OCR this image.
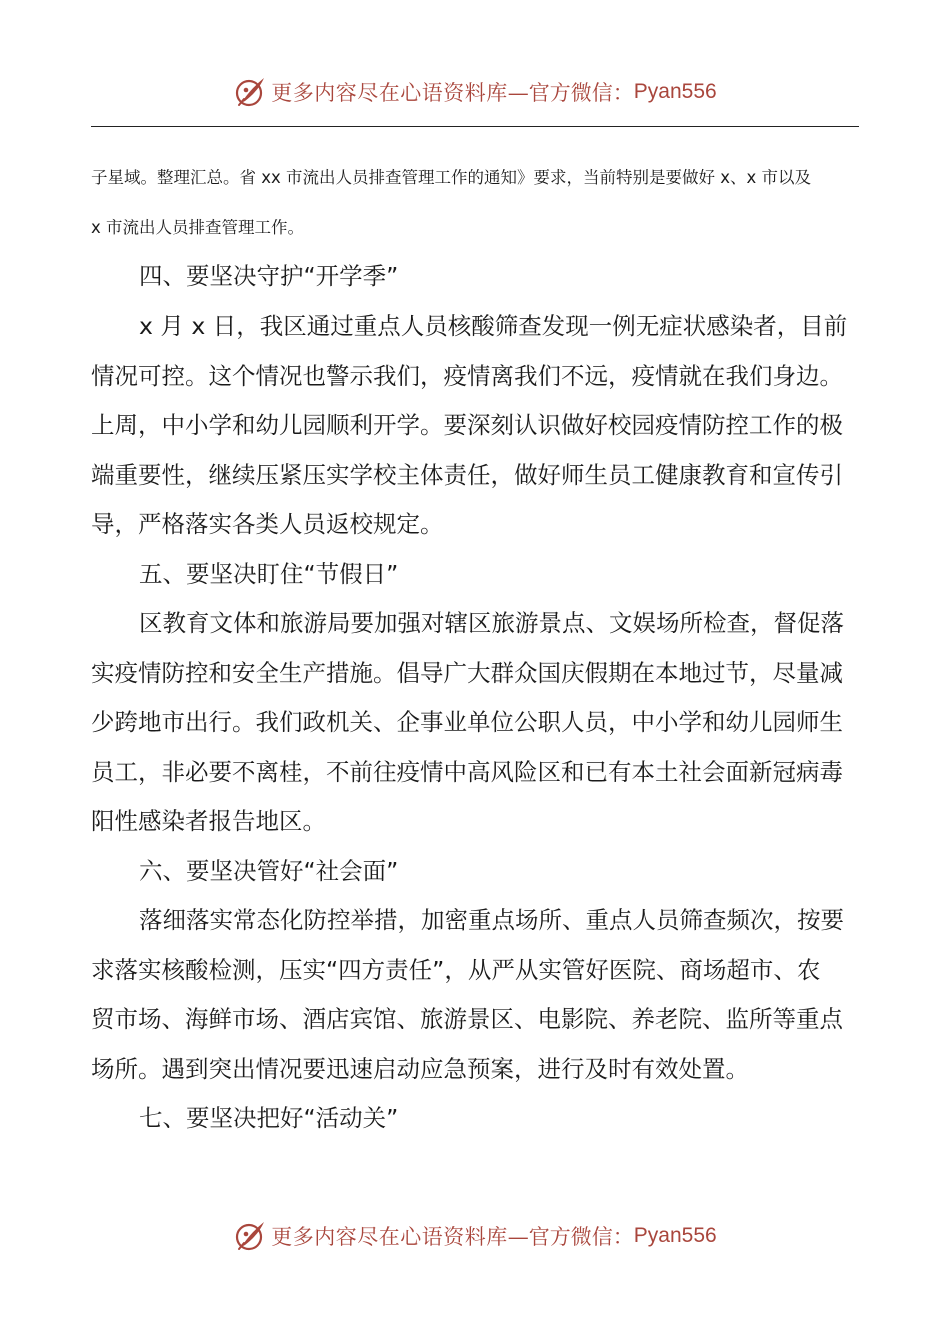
更多内容尽在心语资料库 —官方微信： Pyan556
子星域。整理汇总。省 xx 市流出人员排查管理工作的通知》要求，当前特别是要做好 x、x 市以及
x 市流出人员排查管理工作。
四、要坚决守护“开学季”
x 月 x 日，我区通过重点人员核酸筛查发现一例无症状感染者，目前
情况可控。这个情况也警示我们，疫情离我们不远，疫情就在我们身边。
上周，中小学和幼儿园顺利开学。要深刻认识做好校园疫情防控工作的极
端重要性，继续压紧压实学校主体责任，做好师生员工健康教育和宣传引
导，严格落实各类人员返校规定。
五、要坚决盯住“节假日”
区教育文体和旅游局要加强对辖区旅游景点、文娱场所检查，督促落
实疫情防控和安全生产措施。倡导广大群众国庆假期在本地过节，尽量减
少跨地市出行。我们政机关、企事业单位公职人员，中小学和幼儿园师生
员工，非必要不离桂，不前往疫情中高风险区和已有本土社会面新冠病毒
阳性感染者报告地区。
六、要坚决管好“社会面”
落细落实常态化防控举措，加密重点场所、重点人员筛查频次，按要
求落实核酸检测，压实“四方责任”，从严从实管好医院、商场超市、农
贸市场、海鲜市场、酒店宾馆、旅游景区、电影院、养老院、监所等重点
场所。遇到突出情况要迅速启动应急预案，进行及时有效处置。
七、要坚决把好“活动关”
更多内容尽在心语资料库 —官方微信： Pyan556
